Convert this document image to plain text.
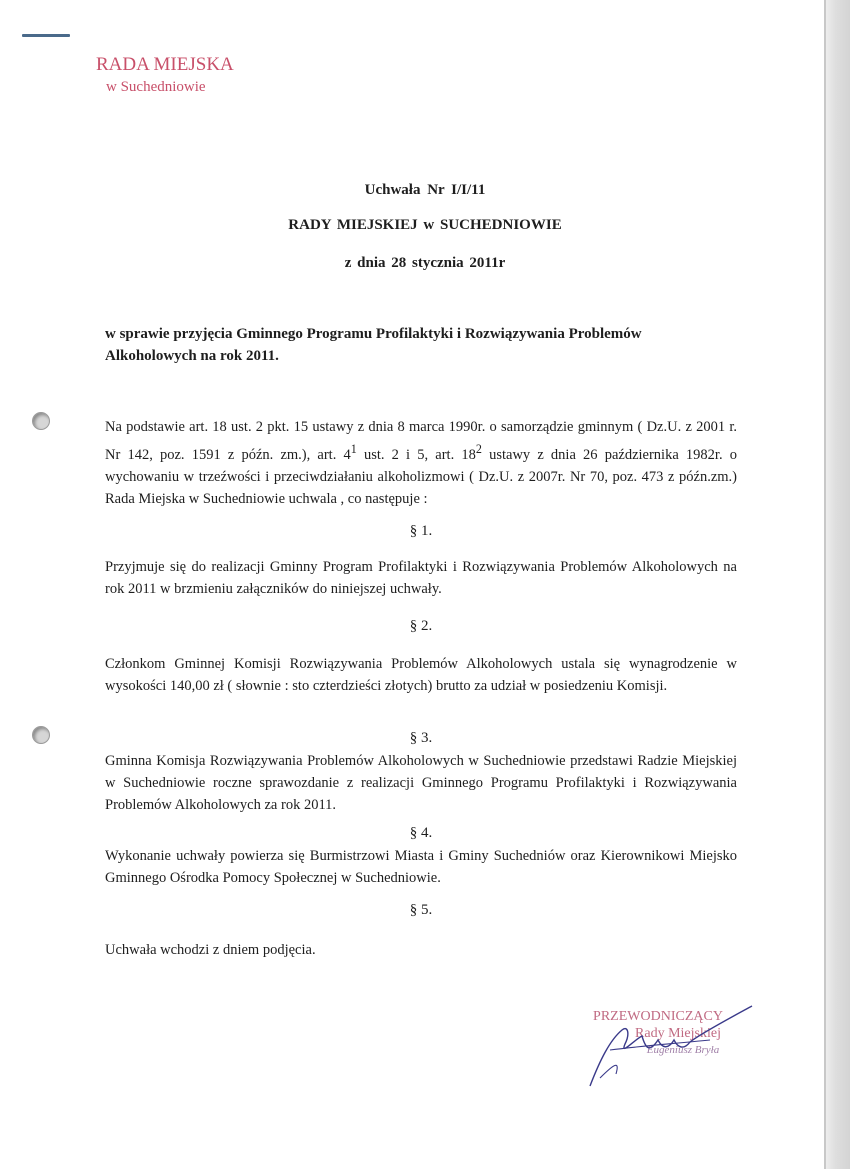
RADA MIEJSKA
w Suchedniowie
Uchwała Nr I/I/11
RADY MIEJSKIEJ w SUCHEDNIOWIE
z dnia 28 stycznia 2011r
w sprawie przyjęcia Gminnego Programu Profilaktyki i Rozwiązywania Problemów Alkoholowych na rok 2011.
Na podstawie art. 18 ust. 2 pkt. 15 ustawy z dnia 8 marca 1990r. o samorządzie gminnym ( Dz.U. z 2001 r. Nr 142, poz. 1591 z późn. zm.), art. $4^1$ ust. 2 i 5, art. $18^2$ ustawy z dnia 26 października 1982r. o wychowaniu w trzeźwości i przeciwdziałaniu alkoholizmowi ( Dz.U. z 2007r. Nr 70, poz. 473 z późn.zm.) Rada Miejska w Suchedniowie uchwala , co następuje :
§ 1.
Przyjmuje się do realizacji Gminny Program Profilaktyki i Rozwiązywania Problemów Alkoholowych na rok 2011 w brzmieniu załączników do niniejszej uchwały.
§ 2.
Członkom Gminnej Komisji Rozwiązywania Problemów Alkoholowych ustala się wynagrodzenie w wysokości 140,00 zł ( słownie : sto czterdzieści złotych) brutto za udział w posiedzeniu Komisji.
§ 3.
Gminna Komisja Rozwiązywania Problemów Alkoholowych w Suchedniowie przedstawi Radzie Miejskiej w Suchedniowie roczne sprawozdanie z realizacji Gminnego Programu Profilaktyki i Rozwiązywania Problemów Alkoholowych za rok 2011.
§ 4.
Wykonanie uchwały powierza się Burmistrzowi Miasta i Gminy Suchedniów oraz Kierownikowi Miejsko Gminnego Ośrodka Pomocy Społecznej w Suchedniowie.
§ 5.
Uchwała wchodzi z dniem podjęcia.
PRZEWODNICZĄCY
Rady Miejskiej
Eugeniusz Bryła
